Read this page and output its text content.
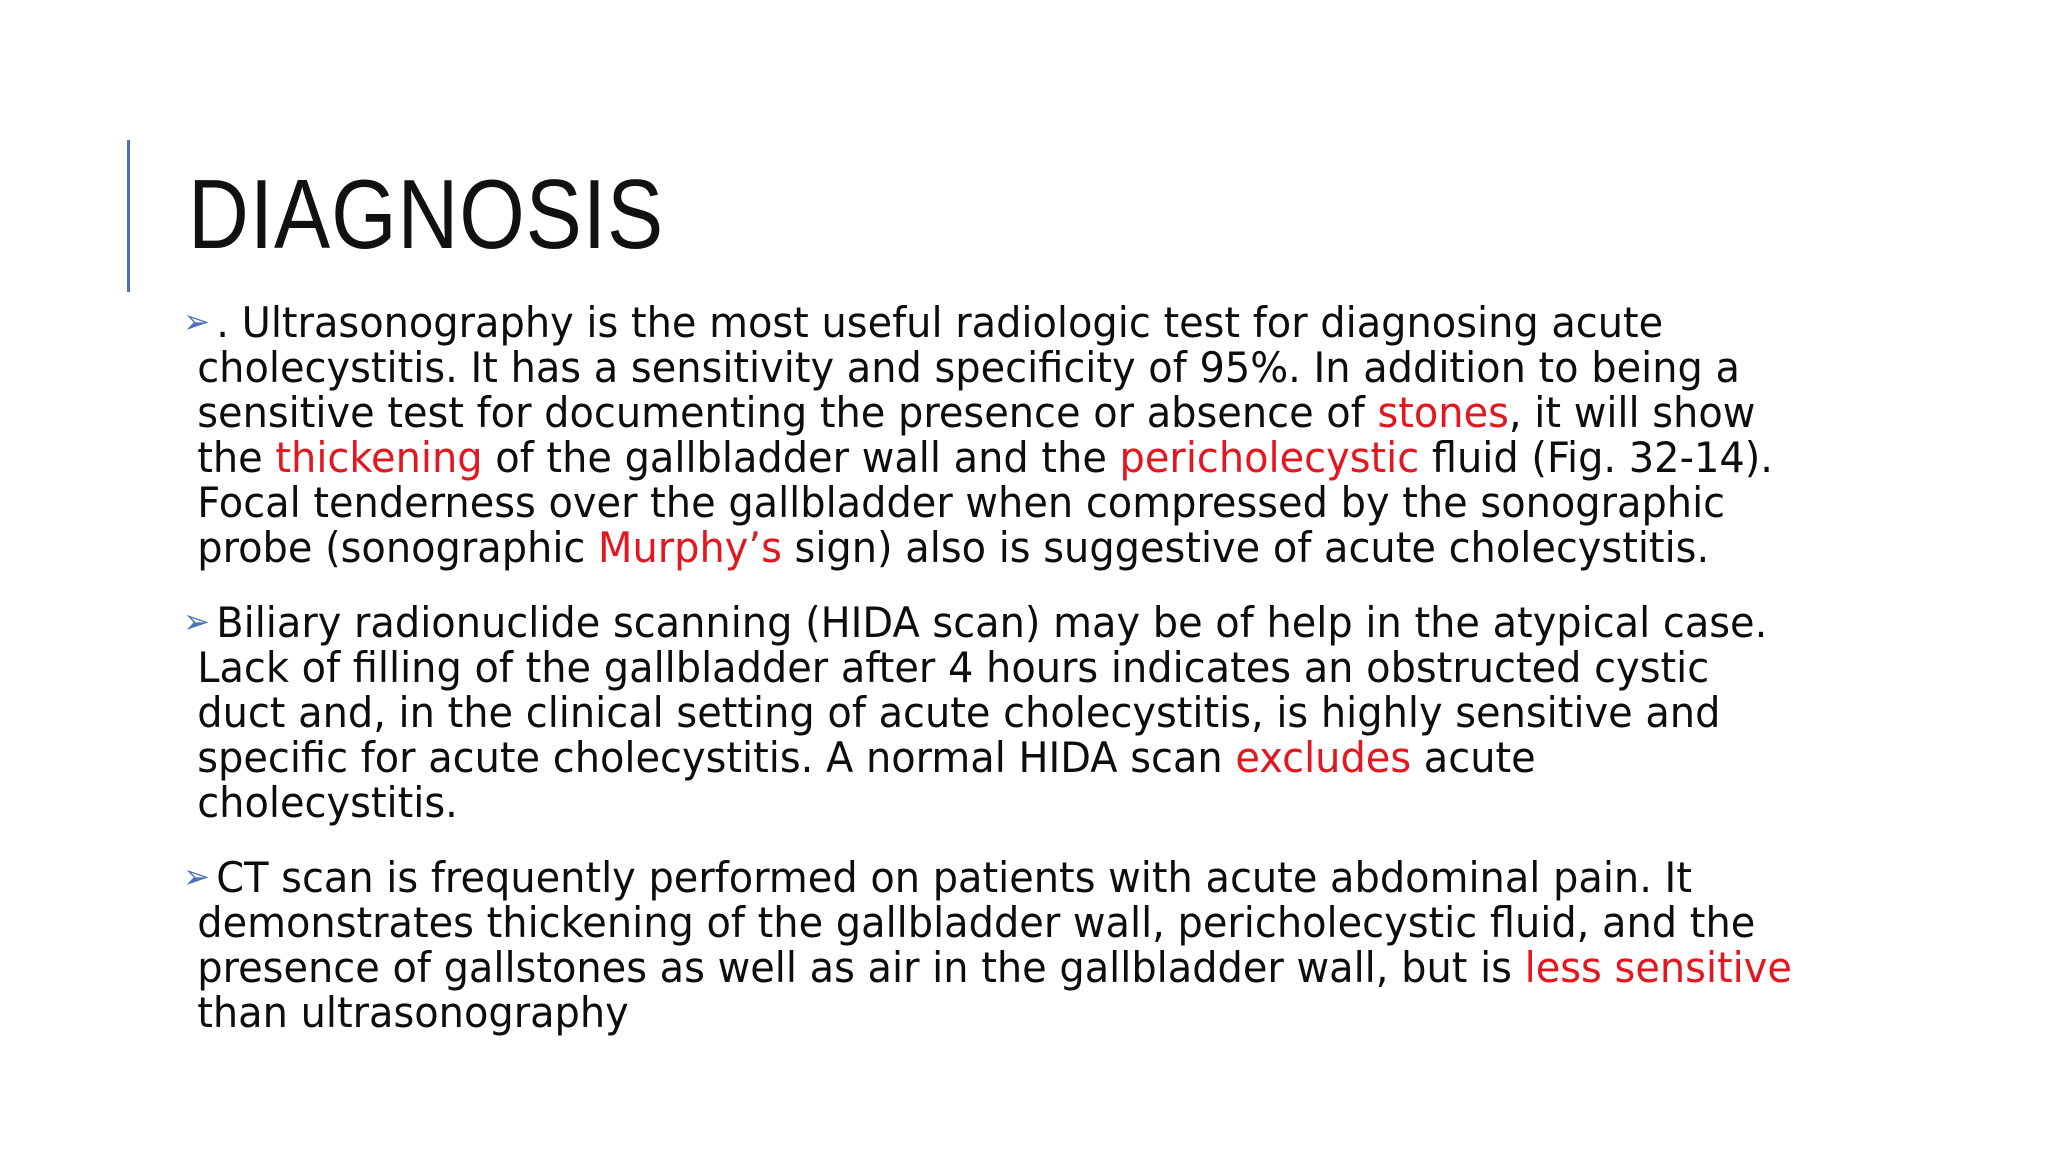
DIAGNOSIS

➢ . Ultrasonography is the most useful radiologic test for diagnosing acute cholecystitis. It has a sensitivity and specificity of 95%. In addition to being a sensitive test for documenting the presence or absence of stones, it will show the thickening of the gallbladder wall and the pericholecystic fluid (Fig. 32-14). Focal tenderness over the gallbladder when compressed by the sonographic probe (sonographic Murphy’s sign) also is suggestive of acute cholecystitis.

➢ Biliary radionuclide scanning (HIDA scan) may be of help in the atypical case. Lack of filling of the gallbladder after 4 hours indicates an obstructed cystic duct and, in the clinical setting of acute cholecystitis, is highly sensitive and specific for acute cholecystitis. A normal HIDA scan excludes acute cholecystitis.

➢ CT scan is frequently performed on patients with acute abdominal pain. It demonstrates thickening of the gallbladder wall, pericholecystic fluid, and the presence of gallstones as well as air in the gallbladder wall, but is less sensitive than ultrasonography
